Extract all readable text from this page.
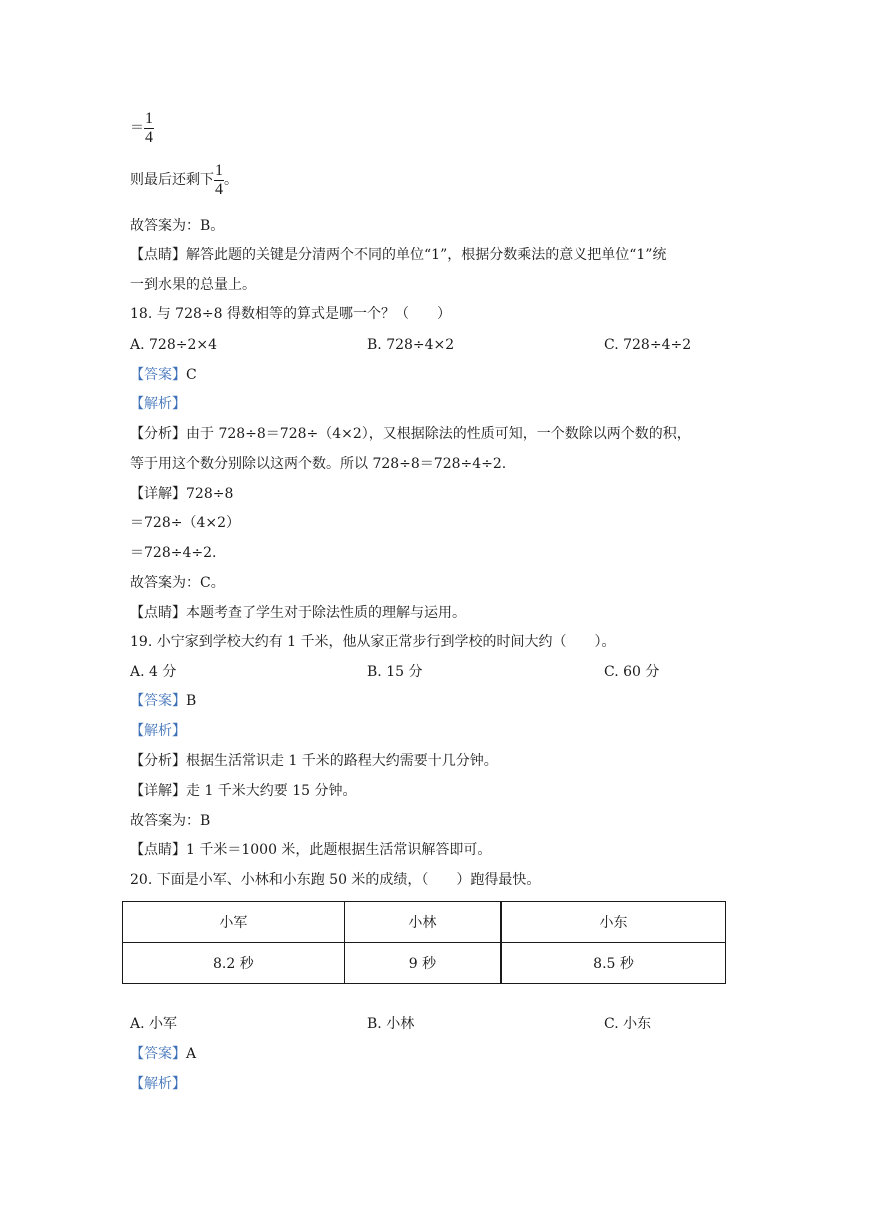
＝ $\frac{1}{4}$
则最后还剩下 $\frac{1}{4}$ 。
故答案为：B。
【点睛】解答此题的关键是分清两个不同的单位“1”，根据分数乘法的意义把单位“1”统
一到水果的总量上。
18. 与 728÷8 得数相等的算式是哪一个？（　　）
A. 728÷2×4	B. 728÷4×2	C. 728÷4÷2
【答案】C
【解析】
【分析】由于 728÷8＝728÷（4×2），又根据除法的性质可知，一个数除以两个数的积，
等于用这个数分别除以这两个数。所以 728÷8＝728÷4÷2.
【详解】728÷8
＝728÷（4×2）
＝728÷4÷2.
故答案为：C。
【点睛】本题考查了学生对于除法性质的理解与运用。
19. 小宁家到学校大约有 1 千米，他从家正常步行到学校的时间大约（　　）。
A. 4 分	B. 15 分	C. 60 分
【答案】B
【解析】
【分析】根据生活常识走 1 千米的路程大约需要十几分钟。
【详解】走 1 千米大约要 15 分钟。
故答案为：B
【点睛】1 千米＝1000 米，此题根据生活常识解答即可。
20. 下面是小军、小林和小东跑 50 米的成绩，（　　）跑得最快。
小军	小林	小东
8.2 秒	9 秒	8.5 秒
A. 小军	B. 小林	C. 小东
【答案】A
【解析】
